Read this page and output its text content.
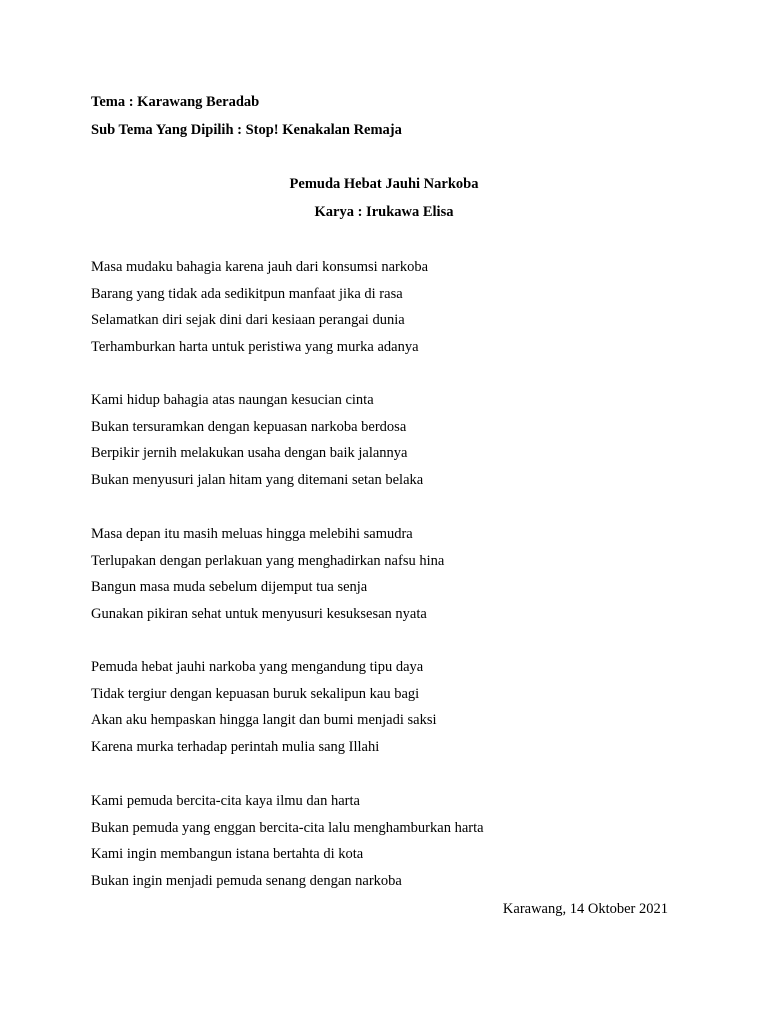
Tema : Karawang Beradab
Sub Tema Yang Dipilih : Stop! Kenakalan Remaja
Pemuda Hebat Jauhi Narkoba
Karya : Irukawa Elisa
Masa mudaku bahagia karena jauh dari konsumsi narkoba
Barang yang tidak ada sedikitpun manfaat jika di rasa
Selamatkan diri sejak dini dari kesiaan perangai dunia
Terhamburkan harta untuk peristiwa yang murka adanya
Kami hidup bahagia atas naungan kesucian cinta
Bukan tersuramkan dengan kepuasan narkoba berdosa
Berpikir jernih melakukan usaha dengan baik jalannya
Bukan menyusuri jalan hitam yang ditemani setan belaka
Masa depan itu masih meluas hingga melebihi samudra
Terlupakan dengan perlakuan yang menghadirkan nafsu hina
Bangun masa muda sebelum dijemput tua senja
Gunakan pikiran sehat untuk menyusuri kesuksesan nyata
Pemuda hebat jauhi narkoba yang mengandung tipu daya
Tidak tergiur dengan kepuasan buruk sekalipun kau bagi
Akan aku hempaskan hingga langit dan bumi menjadi saksi
Karena murka terhadap perintah mulia sang Illahi
Kami pemuda bercita-cita kaya ilmu dan harta
Bukan pemuda yang enggan bercita-cita lalu menghamburkan harta
Kami ingin membangun istana bertahta di kota
Bukan ingin menjadi pemuda senang dengan narkoba
Karawang, 14 Oktober 2021
